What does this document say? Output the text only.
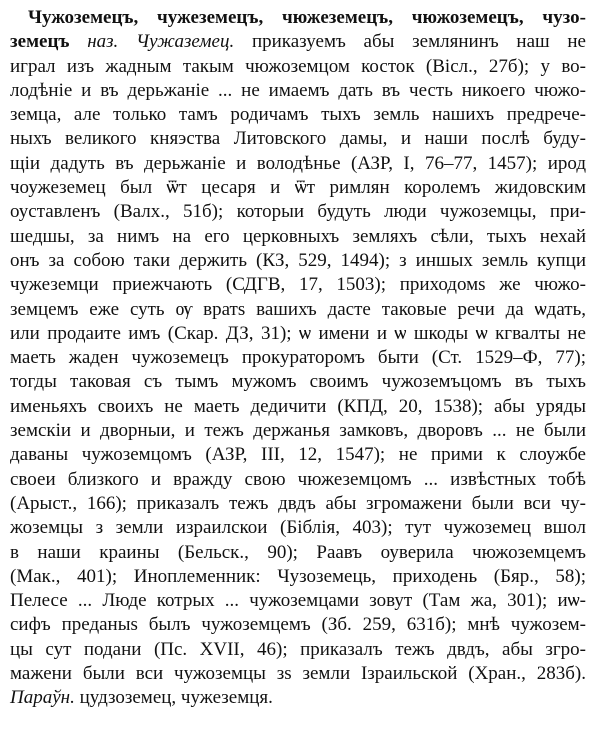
Чужоземецъ, чужеземецъ, чюжеземецъ, чюжоземецъ, чузо-
земецъ наз. Чужаземец. приказуемъ абы землянинъ наш не
играл изъ жадным такым чюжоземцом косток (Вісл., 27б); у во-
лодѣніе и въ дерьжаніе ... не имаемъ дать въ честь никоего чюжо-
земца, але только тамъ родичамъ тыхъ земль нашихъ предрече-
ныхъ великого княэства Литовского дамы, и наши послѣ буду-
щіи дадуть въ дерьжаніе и володѣнье (АЗР, І, 76–77, 1457); ирод
чоужеземец был ѿт цесаря и ѿт римлян королемъ жидовским
оуставленъ (Валх., 51б); которыи будуть люди чужоземцы, при-
шедшы, за нимъ на его церковныхъ земляхъ сѣли, тыхъ нехай
онъ за собою таки держить (КЗ, 529, 1494); з иншых земль купци
чужеземци приежчають (СДГВ, 17, 1503); приходомѕ же чюжо-
земцемъ еже суть ѹ вратѕ вашихъ дасте таковые речи да ѡдать,
или продаите имъ (Скар. ДЗ, 31); ѡ имени и ѡ шкоды ѡ кгвалты не
маеть жаден чужоземецъ прокураторомъ быти (Ст. 1529–Ф, 77);
тогды таковая съ тымъ мужомъ своимъ чужоземъцомъ въ тыхъ
именьяхъ своихъ не маеть дедичити (КПД, 20, 1538); абы уряды
земскіи и дворныи, и тежъ держанья замковъ, дворовъ ... не были
даваны чужоземцомъ (АЗР, ІІІ, 12, 1547); не прими к слоужбе
своеи близкого и вражду свою чюжеземцомъ ... извѣстных тобѣ
(Арыст., 166); приказалъ тежъ двдъ абы згромажени были вси чу-
жоземцы з земли израилскои (Біблія, 403); тут чужоземец вшол
в наши краины (Бельск., 90); Раавъ оуверила чюжоземцемъ
(Мак., 401); Иноплеменник: Чузоземець, приходень (Бяр., 58);
Пелесе ... Люде котрых ... чужоземцами зовут (Там жа, 301); иѡ-
сифъ преданыѕ былъ чужоземцемъ (Зб. 259, 631б); мнѣ чужозем-
цы сут подани (Пс. XVII, 46); приказалъ тежъ двдъ, абы згро-
мажени были вси чужоземцы зѕ земли Ізраильской (Хран., 283б).
Параўн. цудзоземец, чужеземця.
